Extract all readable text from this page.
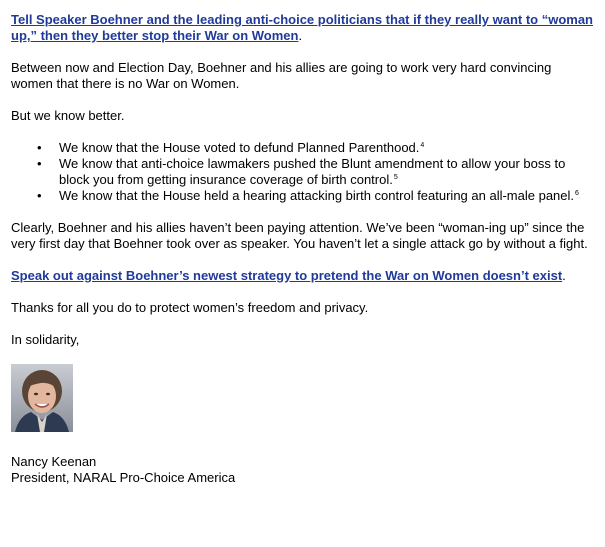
Tell Speaker Boehner and the leading anti-choice politicians that if they really want to “woman up,” then they better stop their War on Women.

Between now and Election Day, Boehner and his allies are going to work very hard convincing women that there is no War on Women.

But we know better.

• We know that the House voted to defund Planned Parenthood.$^4$
• We know that anti-choice lawmakers pushed the Blunt amendment to allow your boss to block you from getting insurance coverage of birth control.$^5$
• We know that the House held a hearing attacking birth control featuring an all-male panel.$^6$

Clearly, Boehner and his allies haven’t been paying attention. We’ve been “woman-ing up” since the very first day that Boehner took over as speaker. You haven’t let a single attack go by without a fight.

Speak out against Boehner’s newest strategy to pretend the War on Women doesn’t exist.

Thanks for all you do to protect women’s freedom and privacy.

In solidarity,

Nancy Keenan
President, NARAL Pro-Choice America
